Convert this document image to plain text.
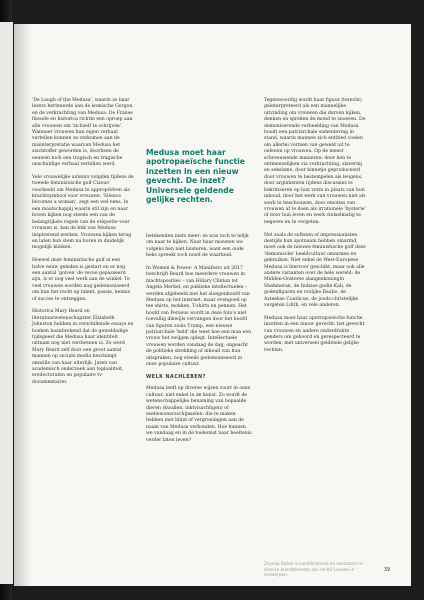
'De Laugh of the Medusa', waarin ze haar lezers herinnerde aan de komische Gorgon en de verkrachting van Medusa. De Franse filosofe en historica richtte een oproep aan alle vrouwen om 'zichzelf te schrijven'. Wanneer vrouwen hun eigen verhaal vertellen kunnen ze ontkomen aan de misinterpretatie waarvan Medusa het slachtoffer geworden is, doorheen de eeuwen toch een tragisch en tragische onschuldige verhaal vertellen werd.

Vele vrouwelijke auteurs volgden tijdens de tweede feministische golf Cixous' voorbeeld om Medusa te appropriëren als krachtsymbool voor vrouwen. 'Silence becomes a woman', zegt een wel eens. In een maatschappij waarin stil zijn en naar boven kijken nog steeds een van de belangrijkste regels van de etiquette voor vrouwen is, kan de blik van Medusa inspirerend werken. Vrouwen kijken terug en laten hun stem nu horen in duidelijk mogelijk klinken.

Hoewel deze feministische golf al een halve eeuw geleden is gestart en er nog een aantal 'golven' de revue gepasseerd zijn, is er nog veel werk aan de winkel. Te veel vrouwen worden nog gedemoniseerd om hun het recht op talent, passie, kennis of succes te ontzeggen.

Historica Mary Beard en literatuurwetenschapster Elizabeth Johnston hebben in verschillende essays en boeken baanbrekend dat de geweldadige tijdsgeest die Medusa haar identiteit ontnam nog niet verdwenen is. Zo werd Mary Beard zelf door een groot aantal mannen op sociale media beschimpt omwille van haar uiterlijk. Jaren van academisch onderzoek aan toploaliteit, eredoctoraten en populaire tv-documentaires

Medusa moet haar apotropaeïsche functie inzetten in een nieuw gevecht. De inzet? Universele geldende gelijke rechten.

betekenden niets meer: ze was toch te lelijk om naar te kijken. Naar haar moesten we volgens hen niet luisteren, want een oude heks spreekt toch nooit de waarheid.

In Women & Power: A Manifesto uit 2017 beschrijft Beard hoe meerdere vrouwen in machtsposities – van Hillary Clinton tot Angela Merkel, en publieke intellectuelen – werden afgebeeld met het slangenhoofd van Medusa op het internet, maar evengoed op tee shirts, mokken, T-shirts en pennen. Het hoofd van Perseus wordt in deze foto's niet toevallig dikwijls vervangen door het hoofd van figuren zoals Trump, een nieuwe patriarchale 'held' die weet hoe een man een vrouw het zwijgen oplegt. Intellectuele vrouwen worden vandaag de dag, ongeacht de politieke strekking of inhoud van hun uitspraken, nog steeds gedemoniseerd in onze populaire cultuur.

WELK NACHLEBEN?

Medusa leeft op diverse wijzen voort in onze cultuur, niet enkel in de kunst. Zo wordt de wetenschappelijke benaming van bepaalde dieren (kwallen, inktvisachtigen) of zeebewonersschijnselen: die te maken hebben met blind of vergroeiingen aan de naam van Medusa verbonden. Hoe kunnen we vandaag en in de toekomst haar beeltenis verder laten leven?

Tegenwoordig wordt haar figuur (terecht) geïnterpreteerd als een mannelijke uitvinding om vrouwen die durven kijken, denken en spreken de mond te snoeren. De demoniserende verbeelding van Medusa houdt een patriarchale samenleving in stand, waarin mannen zich entitled voelen om allerlei vormen van geweld uit te oefenen op vrouwen. Op de meest schreeuwende manieren: door hen te ontmenselijken via verkrachting, slavernij en seksisme, door kinnetje geproduceerd door vrouwen te bestempelen als leugens, door argumenten tijdens discussies te bekritiseren op hun vorm in plaats van hun inhoud, door het werk van vrouwen niet als werk te beschouwen, door emoties van vrouwen af te doen als irrationele 'hysterie' of door hun leven en werk stelselmatig te negeren en te vergeten.

Net zoals de softsten of impressionisten destijds hun spotnaam hebben omarmd, moet ook de nieuwe feministische golf deze 'demonische' beeldcultuur omarmen en gebruiken. Niet enkel de West-Europese Medusa is hiervoor geschikt, maar ook alle andere varianten over de hele wereld: de Midden-Oosterse slangenkoningin Shahmeran, de Indiase godin Kali, de godenfiguren en vrolijke Baubo, de Azteekse Coatlicue, de joods-christelijke vergeten Lilith, en vele anderen.

Medusa moet haar apotropaeïsche functie inzetten in een nieuw gevecht: het gevecht van vrouwen en andere onderdrukte genders om gehoord en gerespecteerd te worden, met universeel geldende gelijke rechten.

Zeynep Kubat is kunsthistorica en werkzaam in diverse kunstthemata aan de KU Leuven in Antwerpen.
39
